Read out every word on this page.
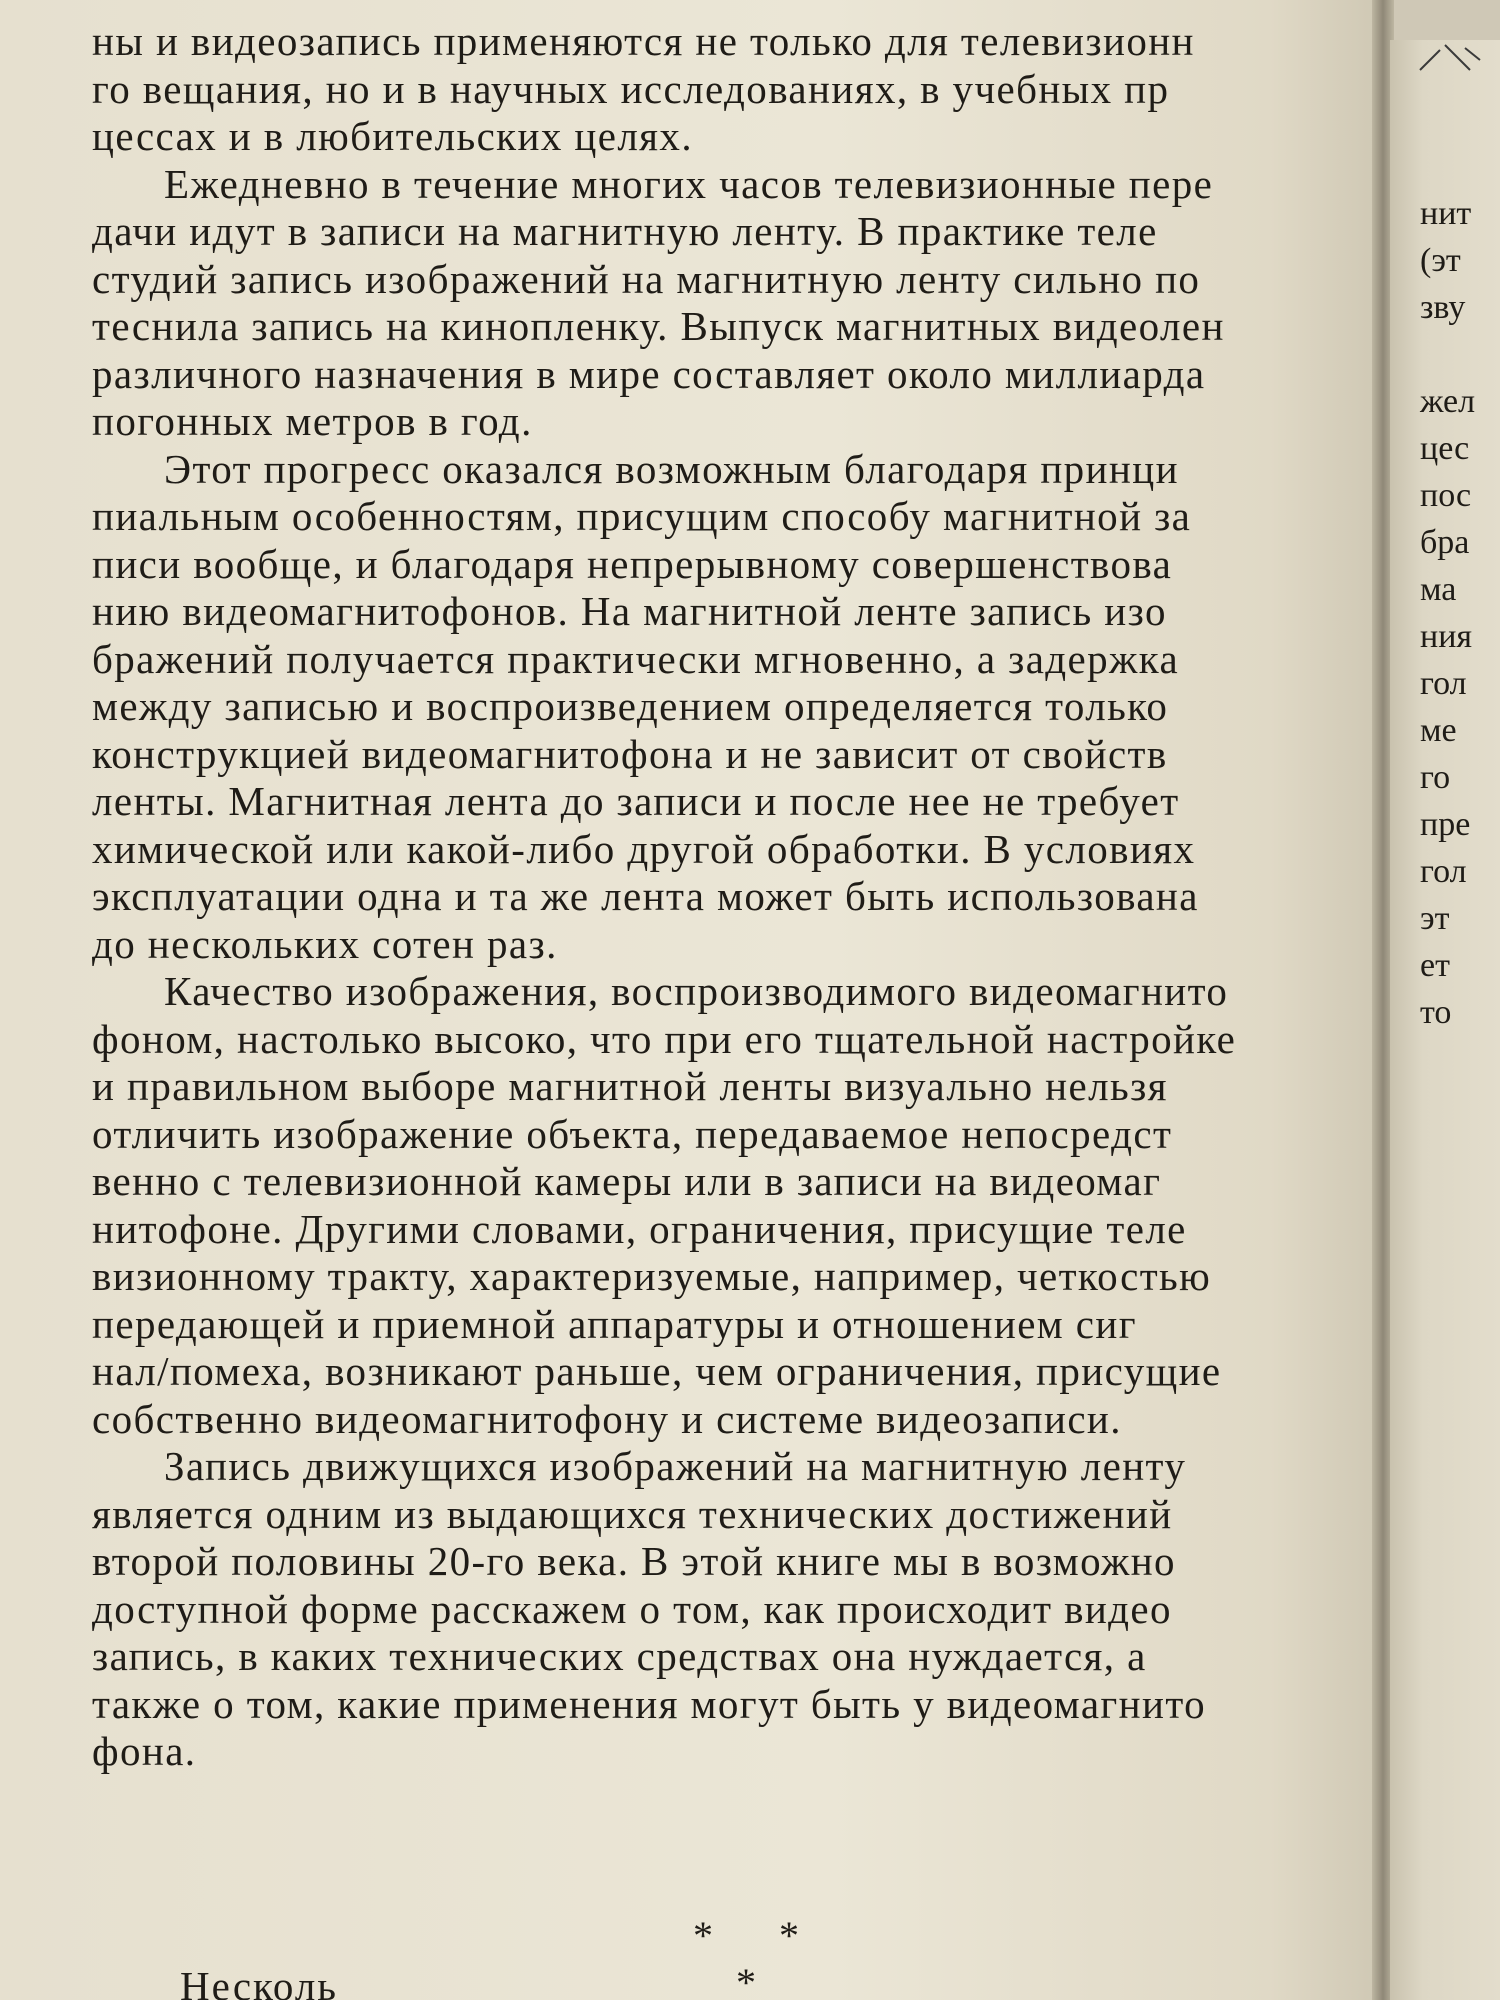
ны и видеозапись применяются не только для телевизионн
го вещания, но и в научных исследованиях, в учебных пр
цессах и в любительских целях.
Ежедневно в течение многих часов телевизионные пере
дачи идут в записи на магнитную ленту. В практике теле
студий запись изображений на магнитную ленту сильно по
теснила запись на кинопленку. Выпуск магнитных видеолен
различного назначения в мире составляет около миллиарда
погонных метров в год.
Этот прогресс оказался возможным благодаря принци
пиальным особенностям, присущим способу магнитной за
писи вообще, и благодаря непрерывному совершенствова
нию видеомагнитофонов. На магнитной ленте запись изо
бражений получается практически мгновенно, а задержка
между записью и воспроизведением определяется только
конструкцией видеомагнитофона и не зависит от свойств
ленты. Магнитная лента до записи и после нее не требует
химической или какой-либо другой обработки. В условиях
эксплуатации одна и та же лента может быть использована
до нескольких сотен раз.
Качество изображения, воспроизводимого видеомагнито
фоном, настолько высоко, что при его тщательной настройке
и правильном выборе магнитной ленты визуально нельзя
отличить изображение объекта, передаваемое непосредст
венно с телевизионной камеры или в записи на видеомаг
нитофоне. Другими словами, ограничения, присущие теле
визионному тракту, характеризуемые, например, четкостью
передающей и приемной аппаратуры и отношением сиг
нал/помеха, возникают раньше, чем ограничения, присущие
собственно видеомагнитофону и системе видеозаписи.
Запись движущихся изображений на магнитную ленту
является одним из выдающихся технических достижений
второй половины 20-го века. В этой книге мы в возможно
доступной форме расскажем о том, как происходит видео
запись, в каких технических средствах она нуждается, а
также о том, какие применения могут быть у видеомагнито
фона.
* * *
Несколь
нит
(эт
зву
жел
цес
пос
бра
ма
ния
гол
ме
го
пре
гол
эт
ет
то
